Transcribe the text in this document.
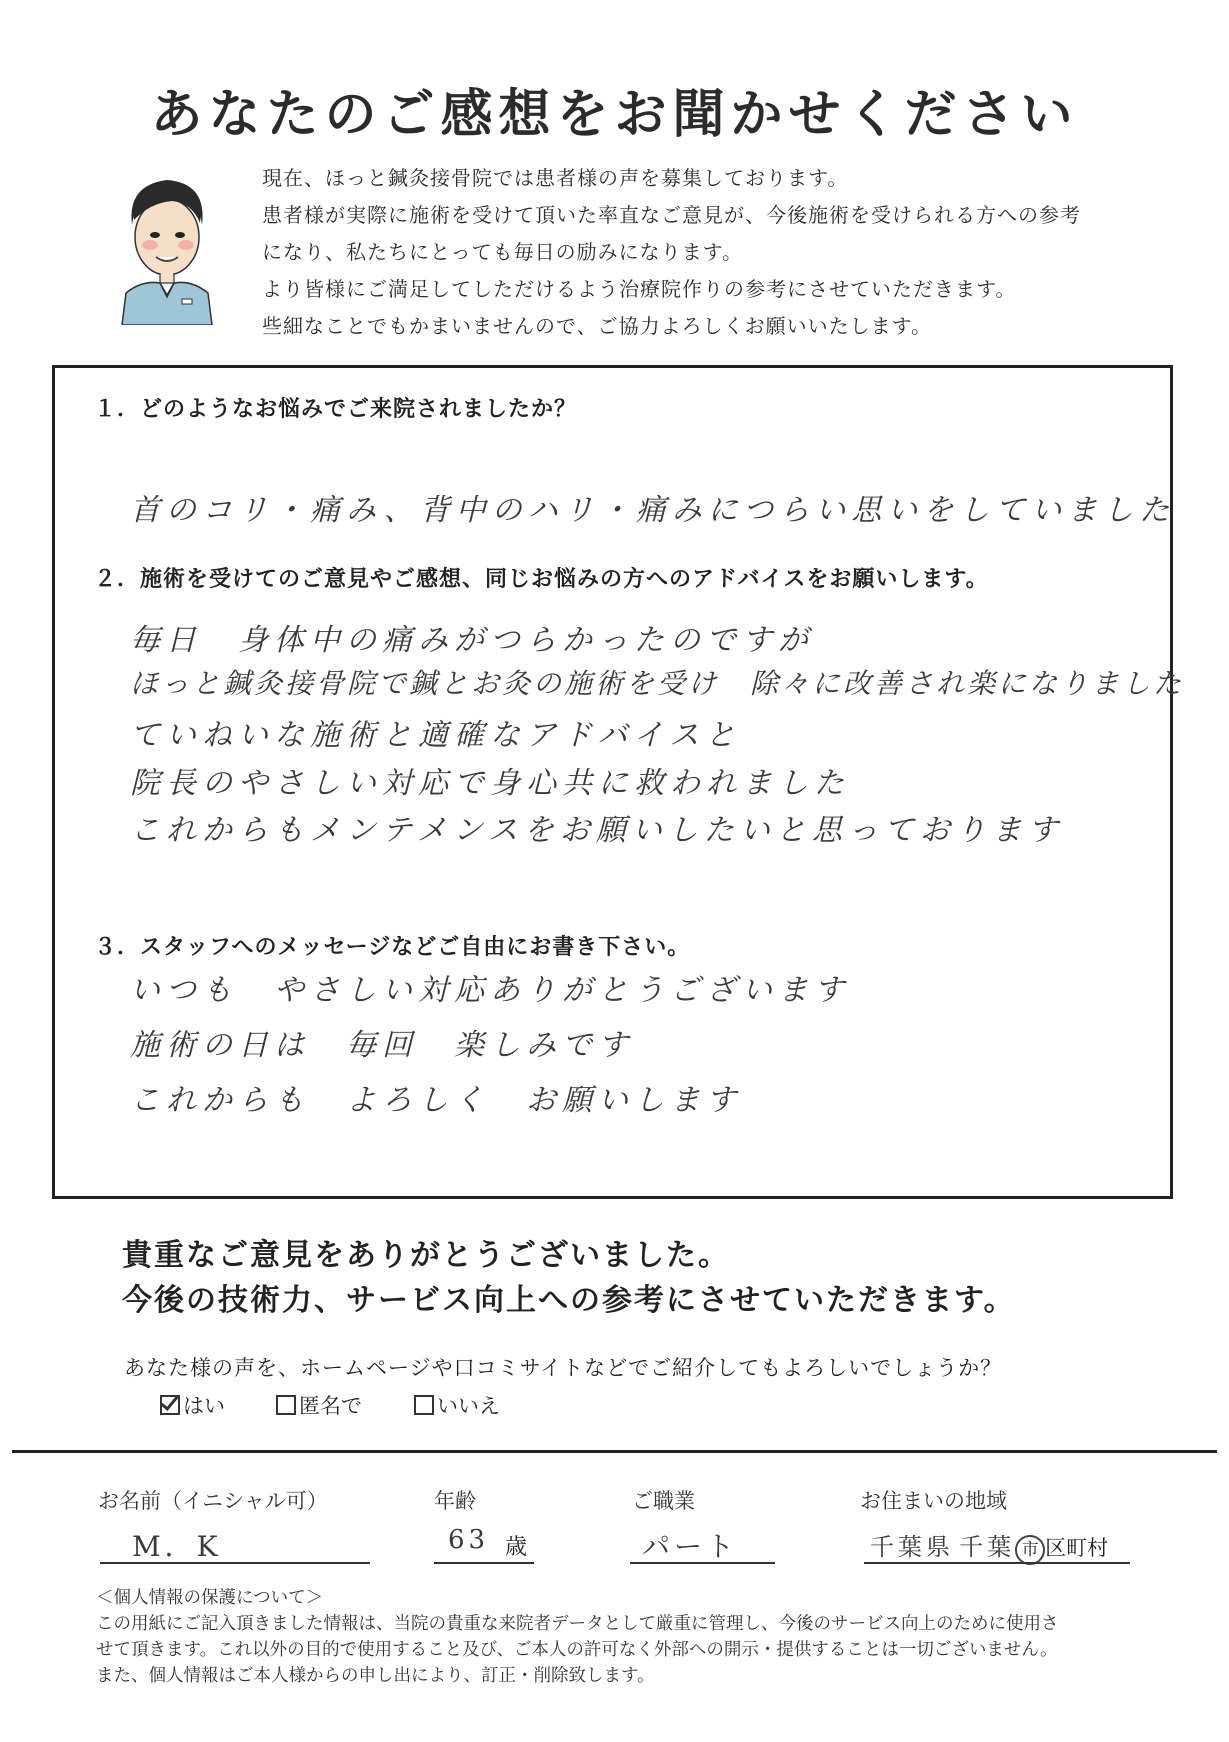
あなたのご感想をお聞かせください
現在、ほっと鍼灸接骨院では患者様の声を募集しております。
患者様が実際に施術を受けて頂いた率直なご意見が、今後施術を受けられる方への参考
になり、私たちにとっても毎日の励みになります。
より皆様にご満足してしただけるよう治療院作りの参考にさせていただきます。
些細なことでもかまいませんので、ご協力よろしくお願いいたします。
１．どのようなお悩みでご来院されましたか？
首のコリ・痛み、背中のハリ・痛みにつらい思いをしていました
２．施術を受けてのご意見やご感想、同じお悩みの方へのアドバイスをお願いします。
毎日　身体中の痛みがつらかったのですが
ほっと鍼灸接骨院で鍼とお灸の施術を受け　除々に改善され楽になりました
ていねいな施術と適確なアドバイスと
院長のやさしい対応で身心共に救われました
これからもメンテメンスをお願いしたいと思っております
３．スタッフへのメッセージなどご自由にお書き下さい。
いつも　やさしい対応ありがとうございます
施術の日は　毎回　楽しみです
これからも　よろしく　お願いします
貴重なご意見をありがとうございました。
今後の技術力、サービス向上への参考にさせていただきます。
あなた様の声を、ホームページや口コミサイトなどでご紹介してもよろしいでしょうか？
はい	匿名で	いいえ
お名前（イニシャル可）	年齢	ご職業	お住まいの地域
M．K	63 歳	パート	千葉県 千葉 市 区町村
＜個人情報の保護について＞
この用紙にご記入頂きました情報は、当院の貴重な来院者データとして厳重に管理し、今後のサービス向上のために使用さ
せて頂きます。これ以外の目的で使用すること及び、ご本人の許可なく外部への開示・提供することは一切ございません。
また、個人情報はご本人様からの申し出により、訂正・削除致します。
